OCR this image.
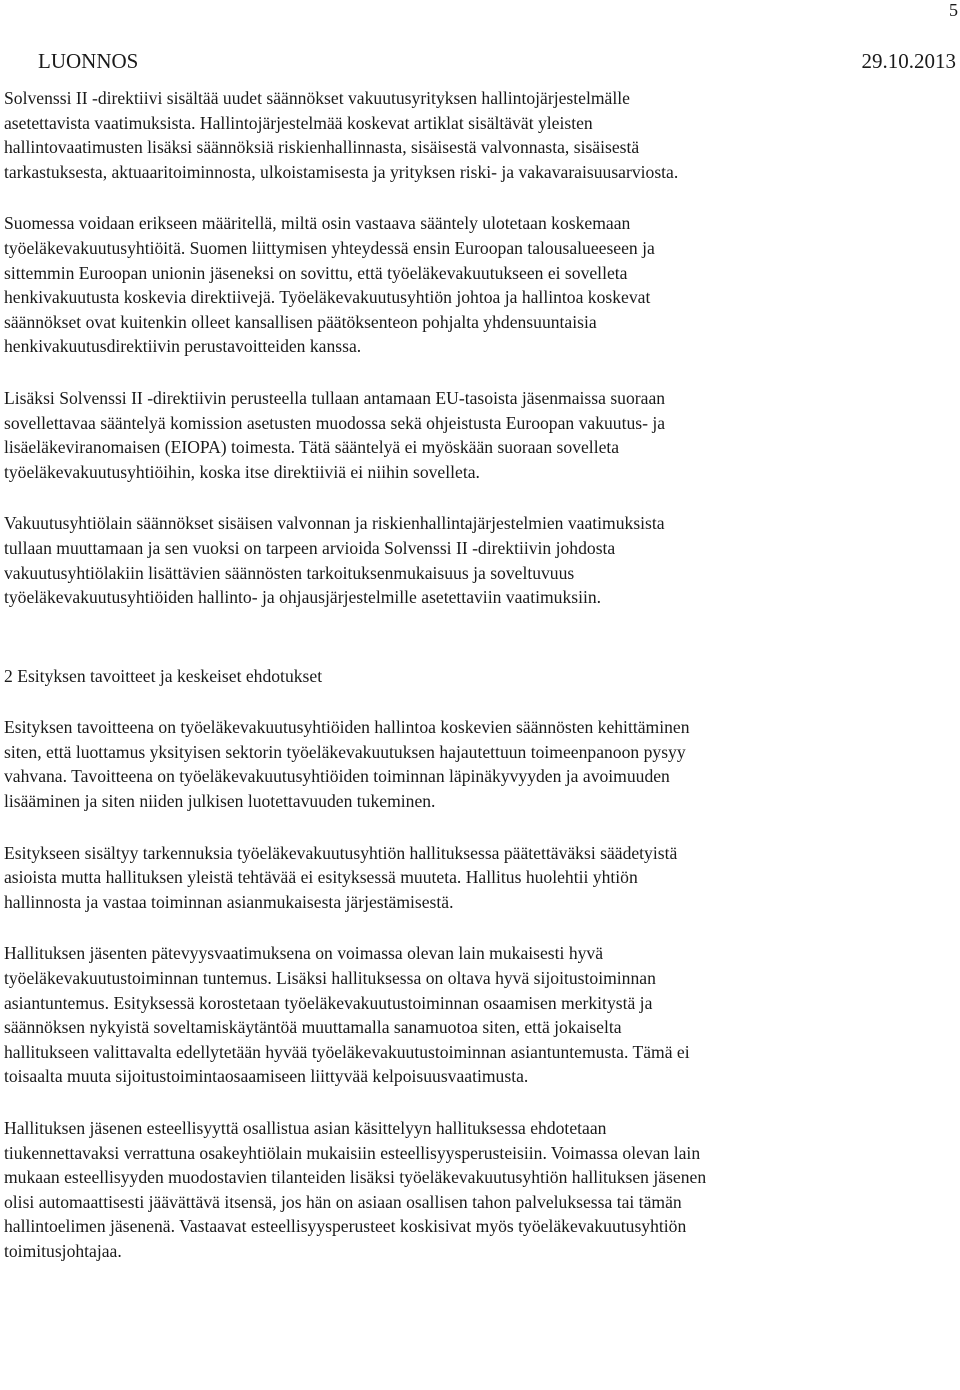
5
LUONNOS	29.10.2013

Solvenssi II -direktiivi sisältää uudet säännökset vakuutusyrityksen hallintojärjestelmälle
asetettavista vaatimuksista. Hallintojärjestelmää koskevat artiklat sisältävät yleisten
hallintovaatimusten lisäksi säännöksiä riskienhallinnasta, sisäisestä valvonnasta, sisäisestä
tarkastuksesta, aktuaaritoiminnosta, ulkoistamisesta ja yrityksen riski- ja vakavaraisuusarviosta.

Suomessa voidaan erikseen määritellä, miltä osin vastaava sääntely ulotetaan koskemaan
työeläkevakuutusyhtiöitä. Suomen liittymisen yhteydessä ensin Euroopan talousalueeseen ja
sittemmin Euroopan unionin jäseneksi on sovittu, että työeläkevakuutukseen ei sovelleta
henkivakuutusta koskevia direktiivejä. Työeläkevakuutusyhtiön johtoa ja hallintoa koskevat
säännökset ovat kuitenkin olleet kansallisen päätöksenteon pohjalta yhdensuuntaisia
henkivakuutusdirektiivin perustavoitteiden kanssa.

Lisäksi Solvenssi II -direktiivin perusteella tullaan antamaan EU-tasoista jäsenmaissa suoraan
sovellettavaa sääntelyä komission asetusten muodossa sekä ohjeistusta Euroopan vakuutus- ja
lisäeläkeviranomaisen (EIOPA) toimesta. Tätä sääntelyä ei myöskään suoraan sovelleta
työeläkevakuutusyhtiöihin, koska itse direktiiviä ei niihin sovelleta.

Vakuutusyhtiölain säännökset sisäisen valvonnan ja riskienhallintajärjestelmien vaatimuksista
tullaan muuttamaan ja sen vuoksi on tarpeen arvioida Solvenssi II -direktiivin johdosta
vakuutusyhtiölakiin lisättävien säännösten tarkoituksenmukaisuus ja soveltuvuus
työeläkevakuutusyhtiöiden hallinto- ja ohjausjärjestelmille asetettaviin vaatimuksiin.

2 Esityksen tavoitteet ja keskeiset ehdotukset

Esityksen tavoitteena on työeläkevakuutusyhtiöiden hallintoa koskevien säännösten kehittäminen
siten, että luottamus yksityisen sektorin työeläkevakuutuksen hajautettuun toimeenpanoon pysyy
vahvana. Tavoitteena on työeläkevakuutusyhtiöiden toiminnan läpinäkyvyyden ja avoimuuden
lisääminen ja siten niiden julkisen luotettavuuden tukeminen.

Esitykseen sisältyy tarkennuksia työeläkevakuutusyhtiön hallituksessa päätettäväksi säädetyistä
asioista mutta hallituksen yleistä tehtävää ei esityksessä muuteta. Hallitus huolehtii yhtiön
hallinnosta ja vastaa toiminnan asianmukaisesta järjestämisestä.

Hallituksen jäsenten pätevyysvaatimuksena on voimassa olevan lain mukaisesti hyvä
työeläkevakuutustoiminnan tuntemus. Lisäksi hallituksessa on oltava hyvä sijoitustoiminnan
asiantuntemus. Esityksessä korostetaan työeläkevakuutustoiminnan osaamisen merkitystä ja
säännöksen nykyistä soveltamiskäytäntöä muuttamalla sanamuotoa siten, että jokaiselta
hallitukseen valittavalta edellytetään hyvää työeläkevakuutustoiminnan asiantuntemusta. Tämä ei
toisaalta muuta sijoitustoimintaosaamiseen liittyvää kelpoisuusvaatimusta.

Hallituksen jäsenen esteellisyyttä osallistua asian käsittelyyn hallituksessa ehdotetaan
tiukennettavaksi verrattuna osakeyhtiölain mukaisiin esteellisyysperusteisiin. Voimassa olevan lain
mukaan esteellisyyden muodostavien tilanteiden lisäksi työeläkevakuutusyhtiön hallituksen jäsenen
olisi automaattisesti jäävättävä itsensä, jos hän on asiaan osallisen tahon palveluksessa tai tämän
hallintoelimen jäsenenä. Vastaavat esteellisyysperusteet koskisivat myös työeläkevakuutusyhtiön
toimitusjohtajaa.
